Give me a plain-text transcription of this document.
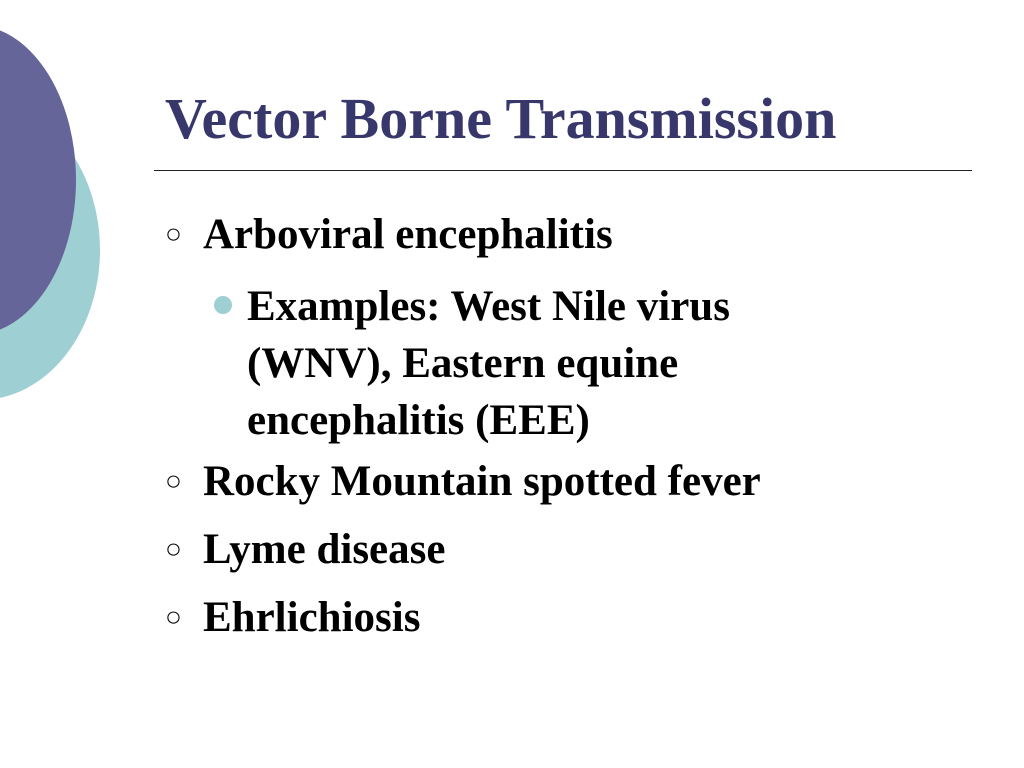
Vector Borne Transmission
○ Arboviral encephalitis
Examples: West Nile virus (WNV), Eastern equine encephalitis (EEE)
○ Rocky Mountain spotted fever
○ Lyme disease
○ Ehrlichiosis
